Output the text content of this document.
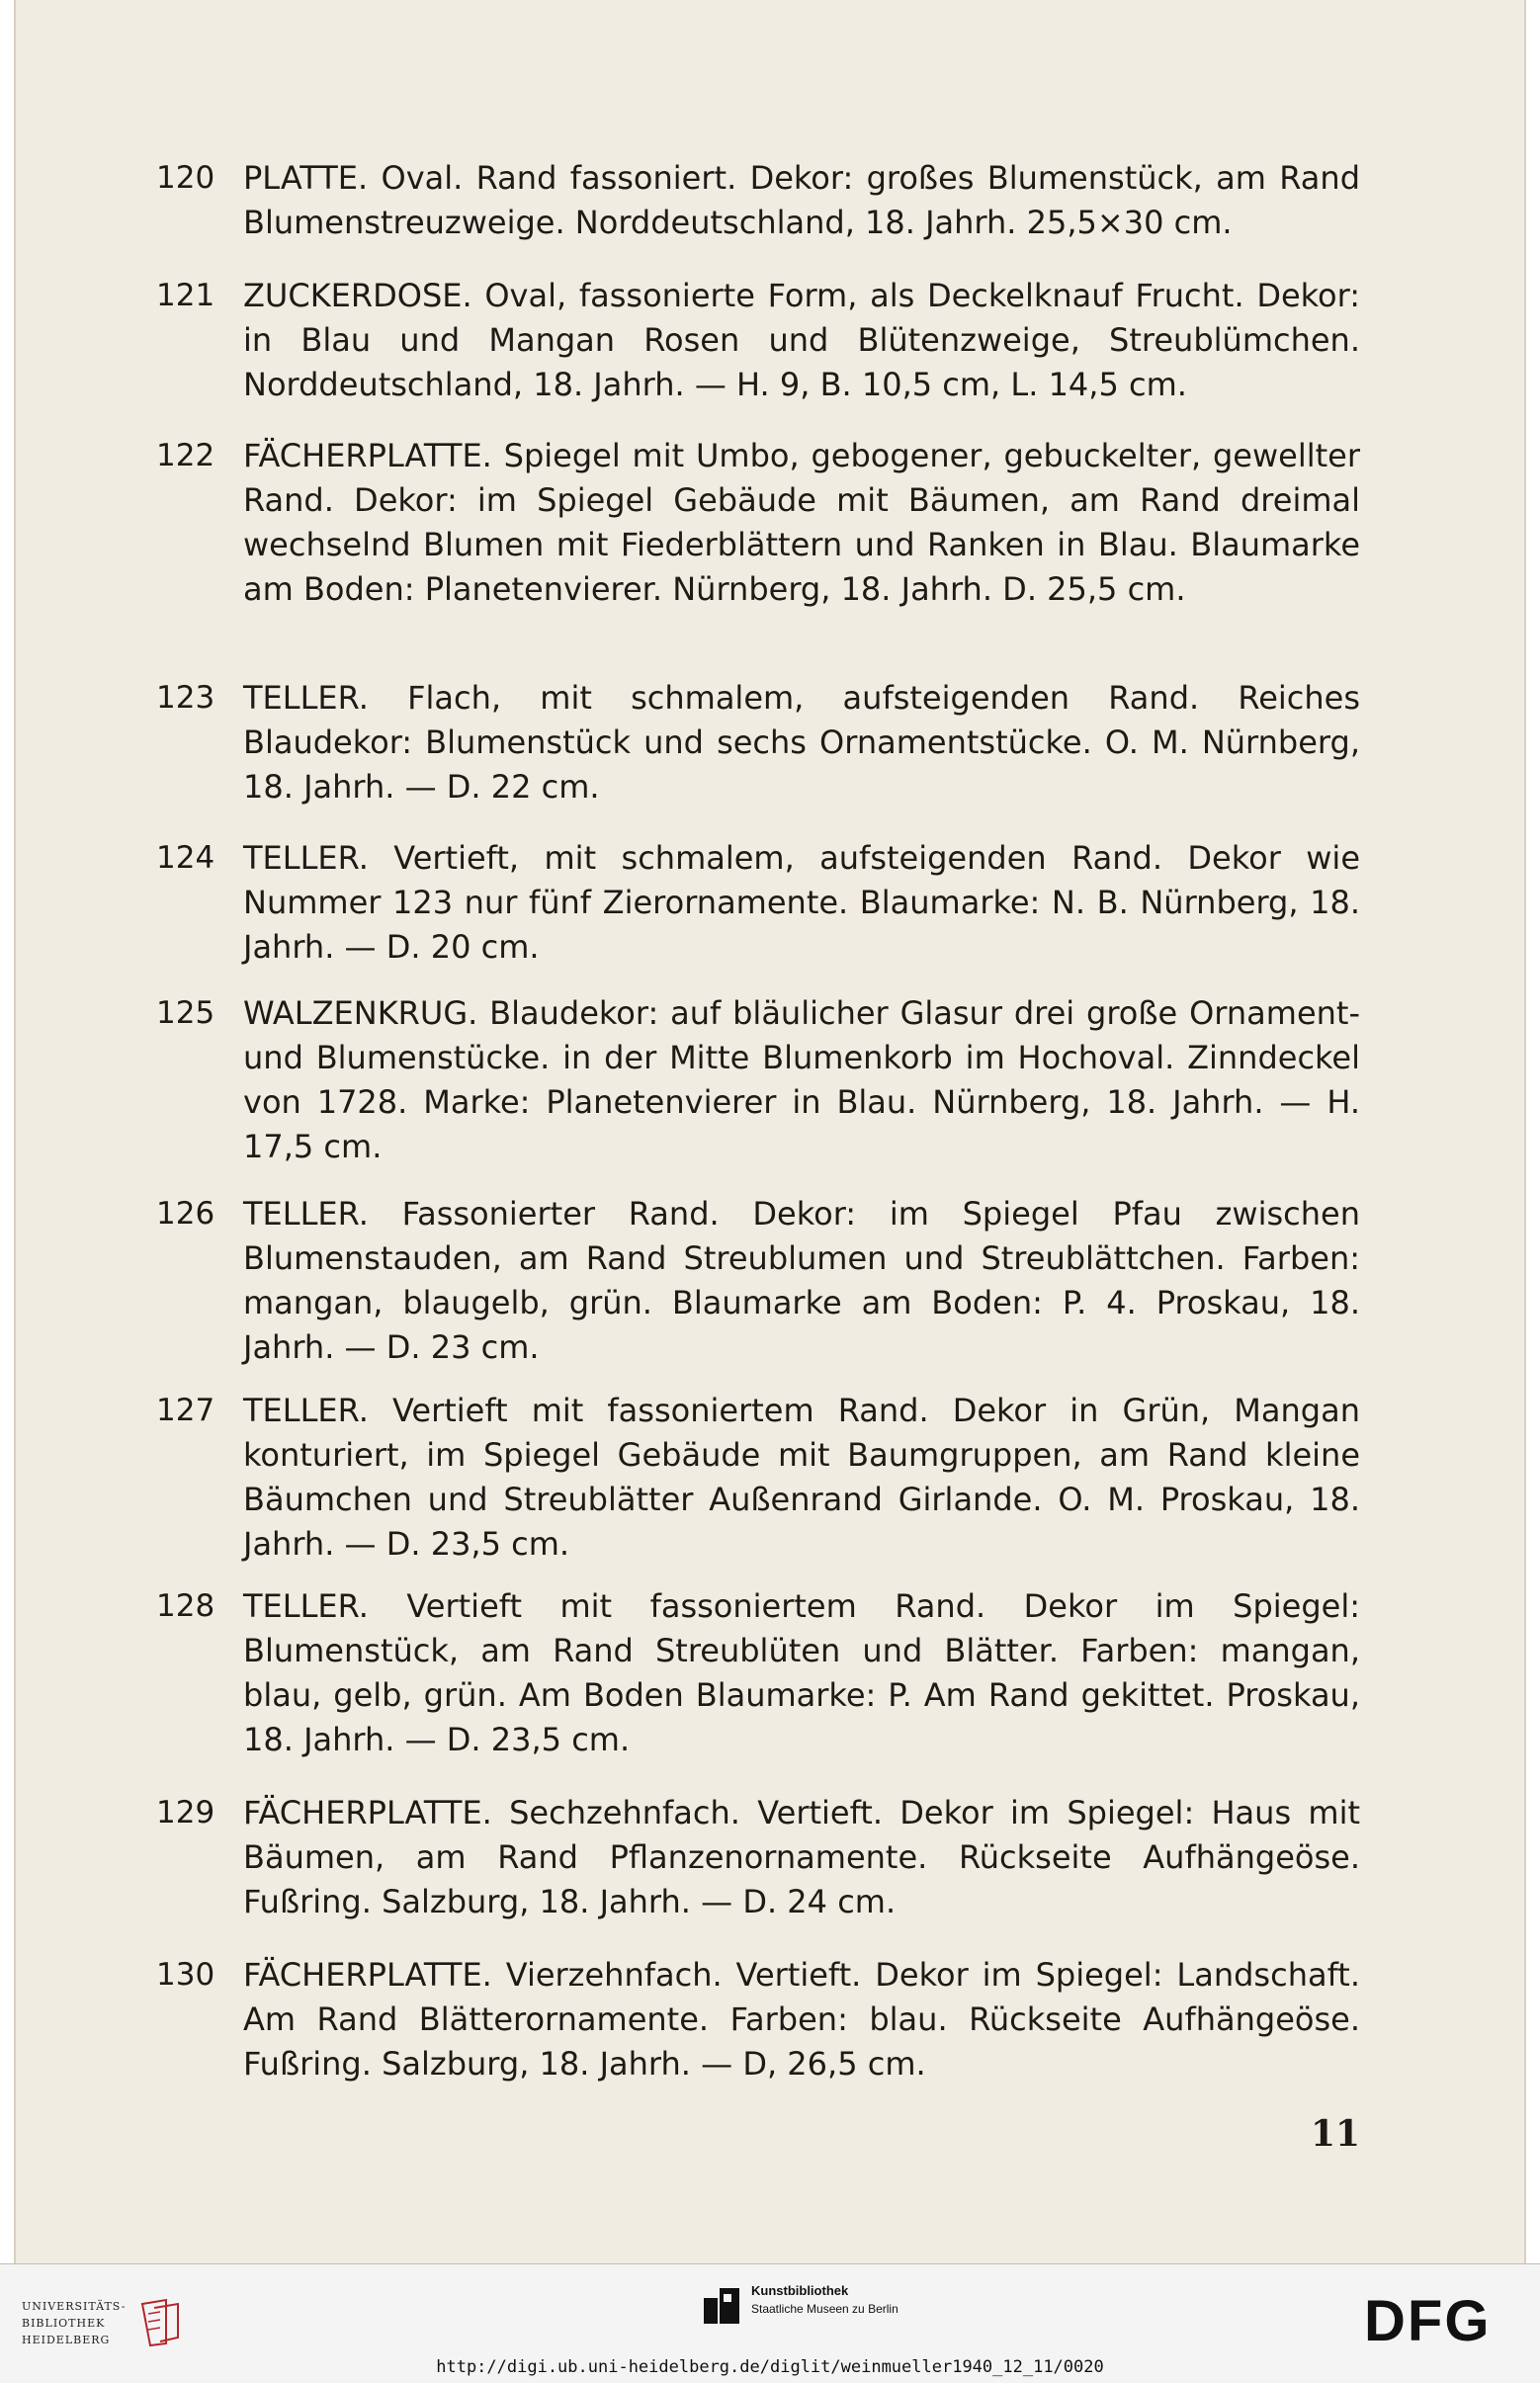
120 PLATTE. Oval. Rand fassoniert. Dekor: großes Blumenstück, am Rand Blumenstreuzweige. Norddeutschland, 18. Jahrh. 25,5×30 cm.
121 ZUCKERDOSE. Oval, fassonierte Form, als Deckelknauf Frucht. Dekor: in Blau und Mangan Rosen und Blütenzweige, Streublümchen. Norddeutschland, 18. Jahrh. — H. 9, B. 10,5 cm, L. 14,5 cm.
122 FÄCHERPLATTE. Spiegel mit Umbo, gebogener, gebuckelter, gewellter Rand. Dekor: im Spiegel Gebäude mit Bäumen, am Rand dreimal wechselnd Blumen mit Fiederblättern und Ranken in Blau. Blaumarke am Boden: Planetenvierer. Nürnberg, 18. Jahrh. D. 25,5 cm.
123 TELLER. Flach, mit schmalem, aufsteigenden Rand. Reiches Blaudekor: Blumenstück und sechs Ornamentstücke. O. M. Nürnberg, 18. Jahrh. — D. 22 cm.
124 TELLER. Vertieft, mit schmalem, aufsteigenden Rand. Dekor wie Nummer 123 nur fünf Zierornamente. Blaumarke: N. B. Nürnberg, 18. Jahrh. — D. 20 cm.
125 WALZENKRUG. Blaudekor: auf bläulicher Glasur drei große Ornament- und Blumenstücke. in der Mitte Blumenkorb im Hochoval. Zinndeckel von 1728. Marke: Planetenvierer in Blau. Nürnberg, 18. Jahrh. — H. 17,5 cm.
126 TELLER. Fassonierter Rand. Dekor: im Spiegel Pfau zwischen Blumenstauden, am Rand Streublumen und Streublättchen. Farben: mangan, blaugelb, grün. Blaumarke am Boden: P. 4. Proskau, 18. Jahrh. — D. 23 cm.
127 TELLER. Vertieft mit fassoniertem Rand. Dekor in Grün, Mangan konturiert, im Spiegel Gebäude mit Baumgruppen, am Rand kleine Bäumchen und Streublätter Außenrand Girlande. O. M. Proskau, 18. Jahrh. — D. 23,5 cm.
128 TELLER. Vertieft mit fassoniertem Rand. Dekor im Spiegel: Blumenstück, am Rand Streublüten und Blätter. Farben: mangan, blau, gelb, grün. Am Boden Blaumarke: P. Am Rand gekittet. Proskau, 18. Jahrh. — D. 23,5 cm.
129 FÄCHERPLATTE. Sechzehnfach. Vertieft. Dekor im Spiegel: Haus mit Bäumen, am Rand Pflanzenornamente. Rückseite Aufhängeöse. Fußring. Salzburg, 18. Jahrh. — D. 24 cm.
130 FÄCHERPLATTE. Vierzehnfach. Vertieft. Dekor im Spiegel: Landschaft. Am Rand Blätterornamente. Farben: blau. Rückseite Aufhängeöse. Fußring. Salzburg, 18. Jahrh. — D, 26,5 cm.
11
UNIVERSITÄTS-
BIBLIOTHEK
HEIDELBERG
Kunstbibliothek
Staatliche Museen zu Berlin	DFG
http://digi.ub.uni-heidelberg.de/diglit/weinmueller1940_12_11/0020
